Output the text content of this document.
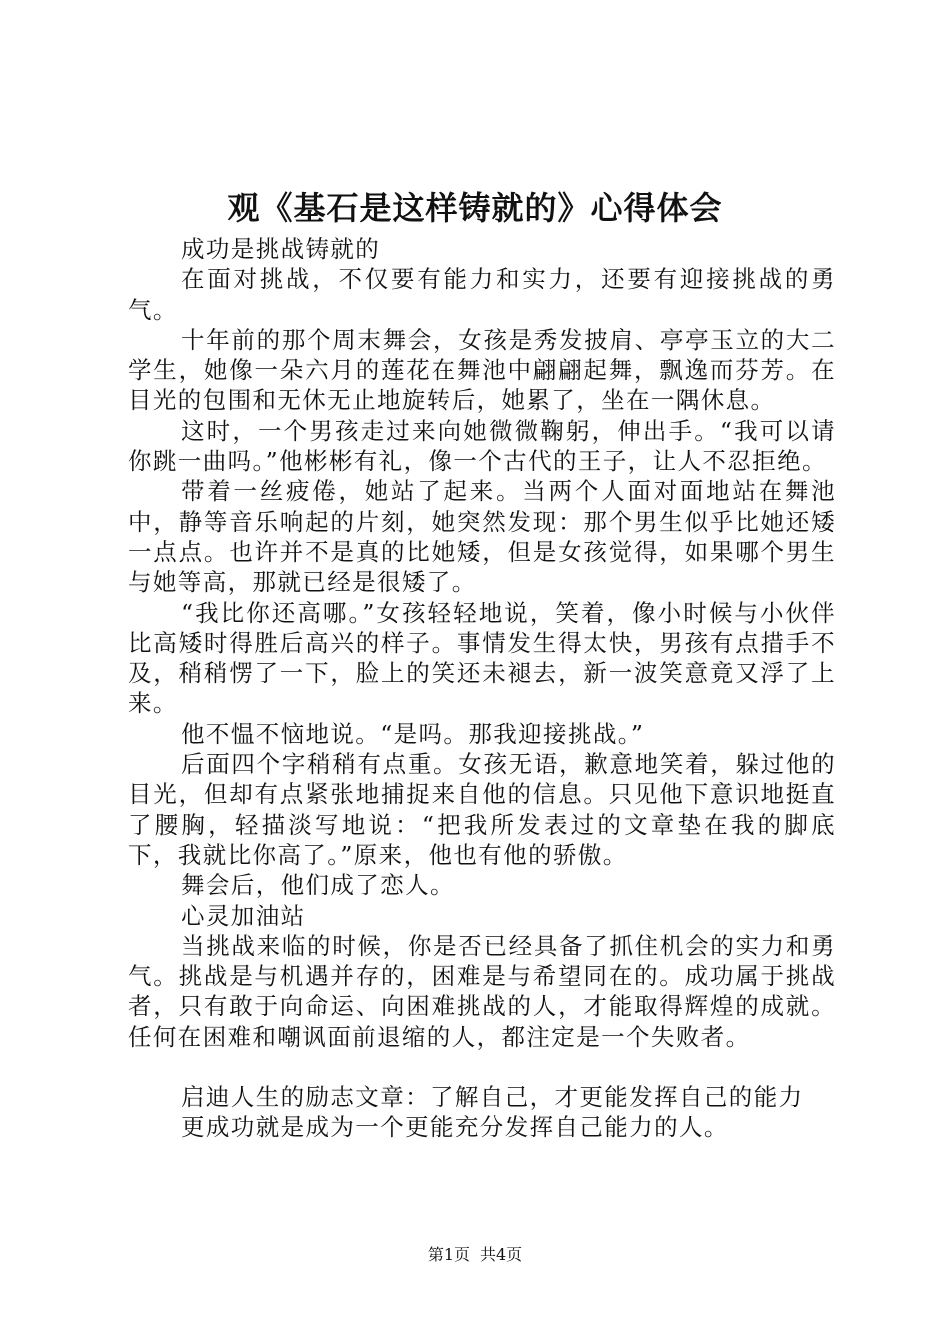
观《基石是这样铸就的》心得体会

成功是挑战铸就的

在面对挑战，不仅要有能力和实力，还要有迎接挑战的勇气。

十年前的那个周末舞会，女孩是秀发披肩、亭亭玉立的大二学生，她像一朵六月的莲花在舞池中翩翩起舞，飘逸而芬芳。在目光的包围和无休无止地旋转后，她累了，坐在一隅休息。

这时，一个男孩走过来向她微微鞠躬，伸出手。“我可以请你跳一曲吗。”他彬彬有礼，像一个古代的王子，让人不忍拒绝。

带着一丝疲倦，她站了起来。当两个人面对面地站在舞池中，静等音乐响起的片刻，她突然发现：那个男生似乎比她还矮一点点。也许并不是真的比她矮，但是女孩觉得，如果哪个男生与她等高，那就已经是很矮了。

“我比你还高哪。”女孩轻轻地说，笑着，像小时候与小伙伴比高矮时得胜后高兴的样子。事情发生得太快，男孩有点措手不及，稍稍愣了一下，脸上的笑还未褪去，新一波笑意竟又浮了上来。

他不愠不恼地说。“是吗。那我迎接挑战。”

后面四个字稍稍有点重。女孩无语，歉意地笑着，躲过他的目光，但却有点紧张地捕捉来自他的信息。只见他下意识地挺直了腰胸，轻描淡写地说：“把我所发表过的文章垫在我的脚底下，我就比你高了。”原来，他也有他的骄傲。

舞会后，他们成了恋人。

心灵加油站

当挑战来临的时候，你是否已经具备了抓住机会的实力和勇气。挑战是与机遇并存的，困难是与希望同在的。成功属于挑战者，只有敢于向命运、向困难挑战的人，才能取得辉煌的成就。任何在困难和嘲讽面前退缩的人，都注定是一个失败者。

启迪人生的励志文章：了解自己，才更能发挥自己的能力

更成功就是成为一个更能充分发挥自己能力的人。

第1页 共4页
